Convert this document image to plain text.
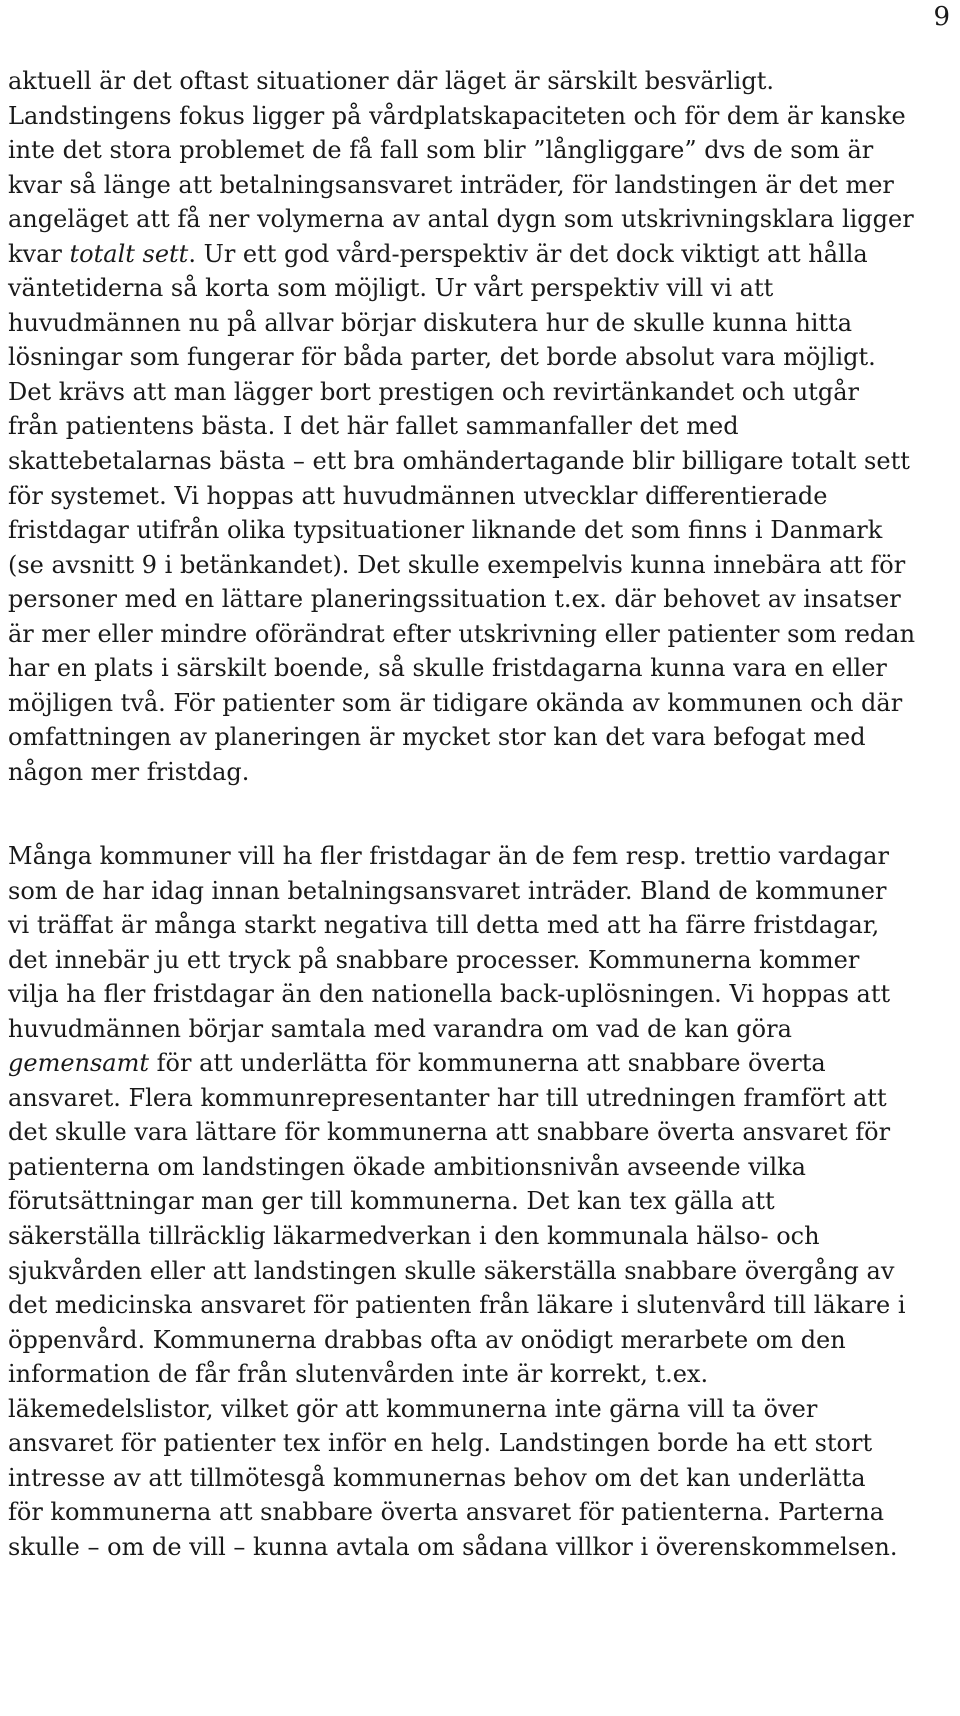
9

aktuell är det oftast situationer där läget är särskilt besvärligt.
Landstingens fokus ligger på vårdplatskapaciteten och för dem är kanske
inte det stora problemet de få fall som blir ”långliggare” dvs de som är
kvar så länge att betalningsansvaret inträder, för landstingen är det mer
angeläget att få ner volymerna av antal dygn som utskrivningsklara ligger
kvar totalt sett. Ur ett god vård-perspektiv är det dock viktigt att hålla
väntetiderna så korta som möjligt. Ur vårt perspektiv vill vi att
huvudmännen nu på allvar börjar diskutera hur de skulle kunna hitta
lösningar som fungerar för båda parter, det borde absolut vara möjligt.
Det krävs att man lägger bort prestigen och revirtänkandet och utgår
från patientens bästa. I det här fallet sammanfaller det med
skattebetalarnas bästa – ett bra omhändertagande blir billigare totalt sett
för systemet. Vi hoppas att huvudmännen utvecklar differentierade
fristdagar utifrån olika typsituationer liknande det som finns i Danmark
(se avsnitt 9 i betänkandet). Det skulle exempelvis kunna innebära att för
personer med en lättare planeringssituation t.ex. där behovet av insatser
är mer eller mindre oförändrat efter utskrivning eller patienter som redan
har en plats i särskilt boende, så skulle fristdagarna kunna vara en eller
möjligen två. För patienter som är tidigare okända av kommunen och där
omfattningen av planeringen är mycket stor kan det vara befogat med
någon mer fristdag.

Många kommuner vill ha fler fristdagar än de fem resp. trettio vardagar
som de har idag innan betalningsansvaret inträder. Bland de kommuner
vi träffat är många starkt negativa till detta med att ha färre fristdagar,
det innebär ju ett tryck på snabbare processer. Kommunerna kommer
vilja ha fler fristdagar än den nationella back-uplösningen. Vi hoppas att
huvudmännen börjar samtala med varandra om vad de kan göra
gemensamt för att underlätta för kommunerna att snabbare överta
ansvaret. Flera kommunrepresentanter har till utredningen framfört att
det skulle vara lättare för kommunerna att snabbare överta ansvaret för
patienterna om landstingen ökade ambitionsnivån avseende vilka
förutsättningar man ger till kommunerna. Det kan tex gälla att
säkerställa tillräcklig läkarmedverkan i den kommunala hälso- och
sjukvården eller att landstingen skulle säkerställa snabbare övergång av
det medicinska ansvaret för patienten från läkare i slutenvård till läkare i
öppenvård. Kommunerna drabbas ofta av onödigt merarbete om den
information de får från slutenvården inte är korrekt, t.ex.
läkemedelslistor, vilket gör att kommunerna inte gärna vill ta över
ansvaret för patienter tex inför en helg. Landstingen borde ha ett stort
intresse av att tillmötesgå kommunernas behov om det kan underlätta
för kommunerna att snabbare överta ansvaret för patienterna. Parterna
skulle – om de vill – kunna avtala om sådana villkor i överenskommelsen.
